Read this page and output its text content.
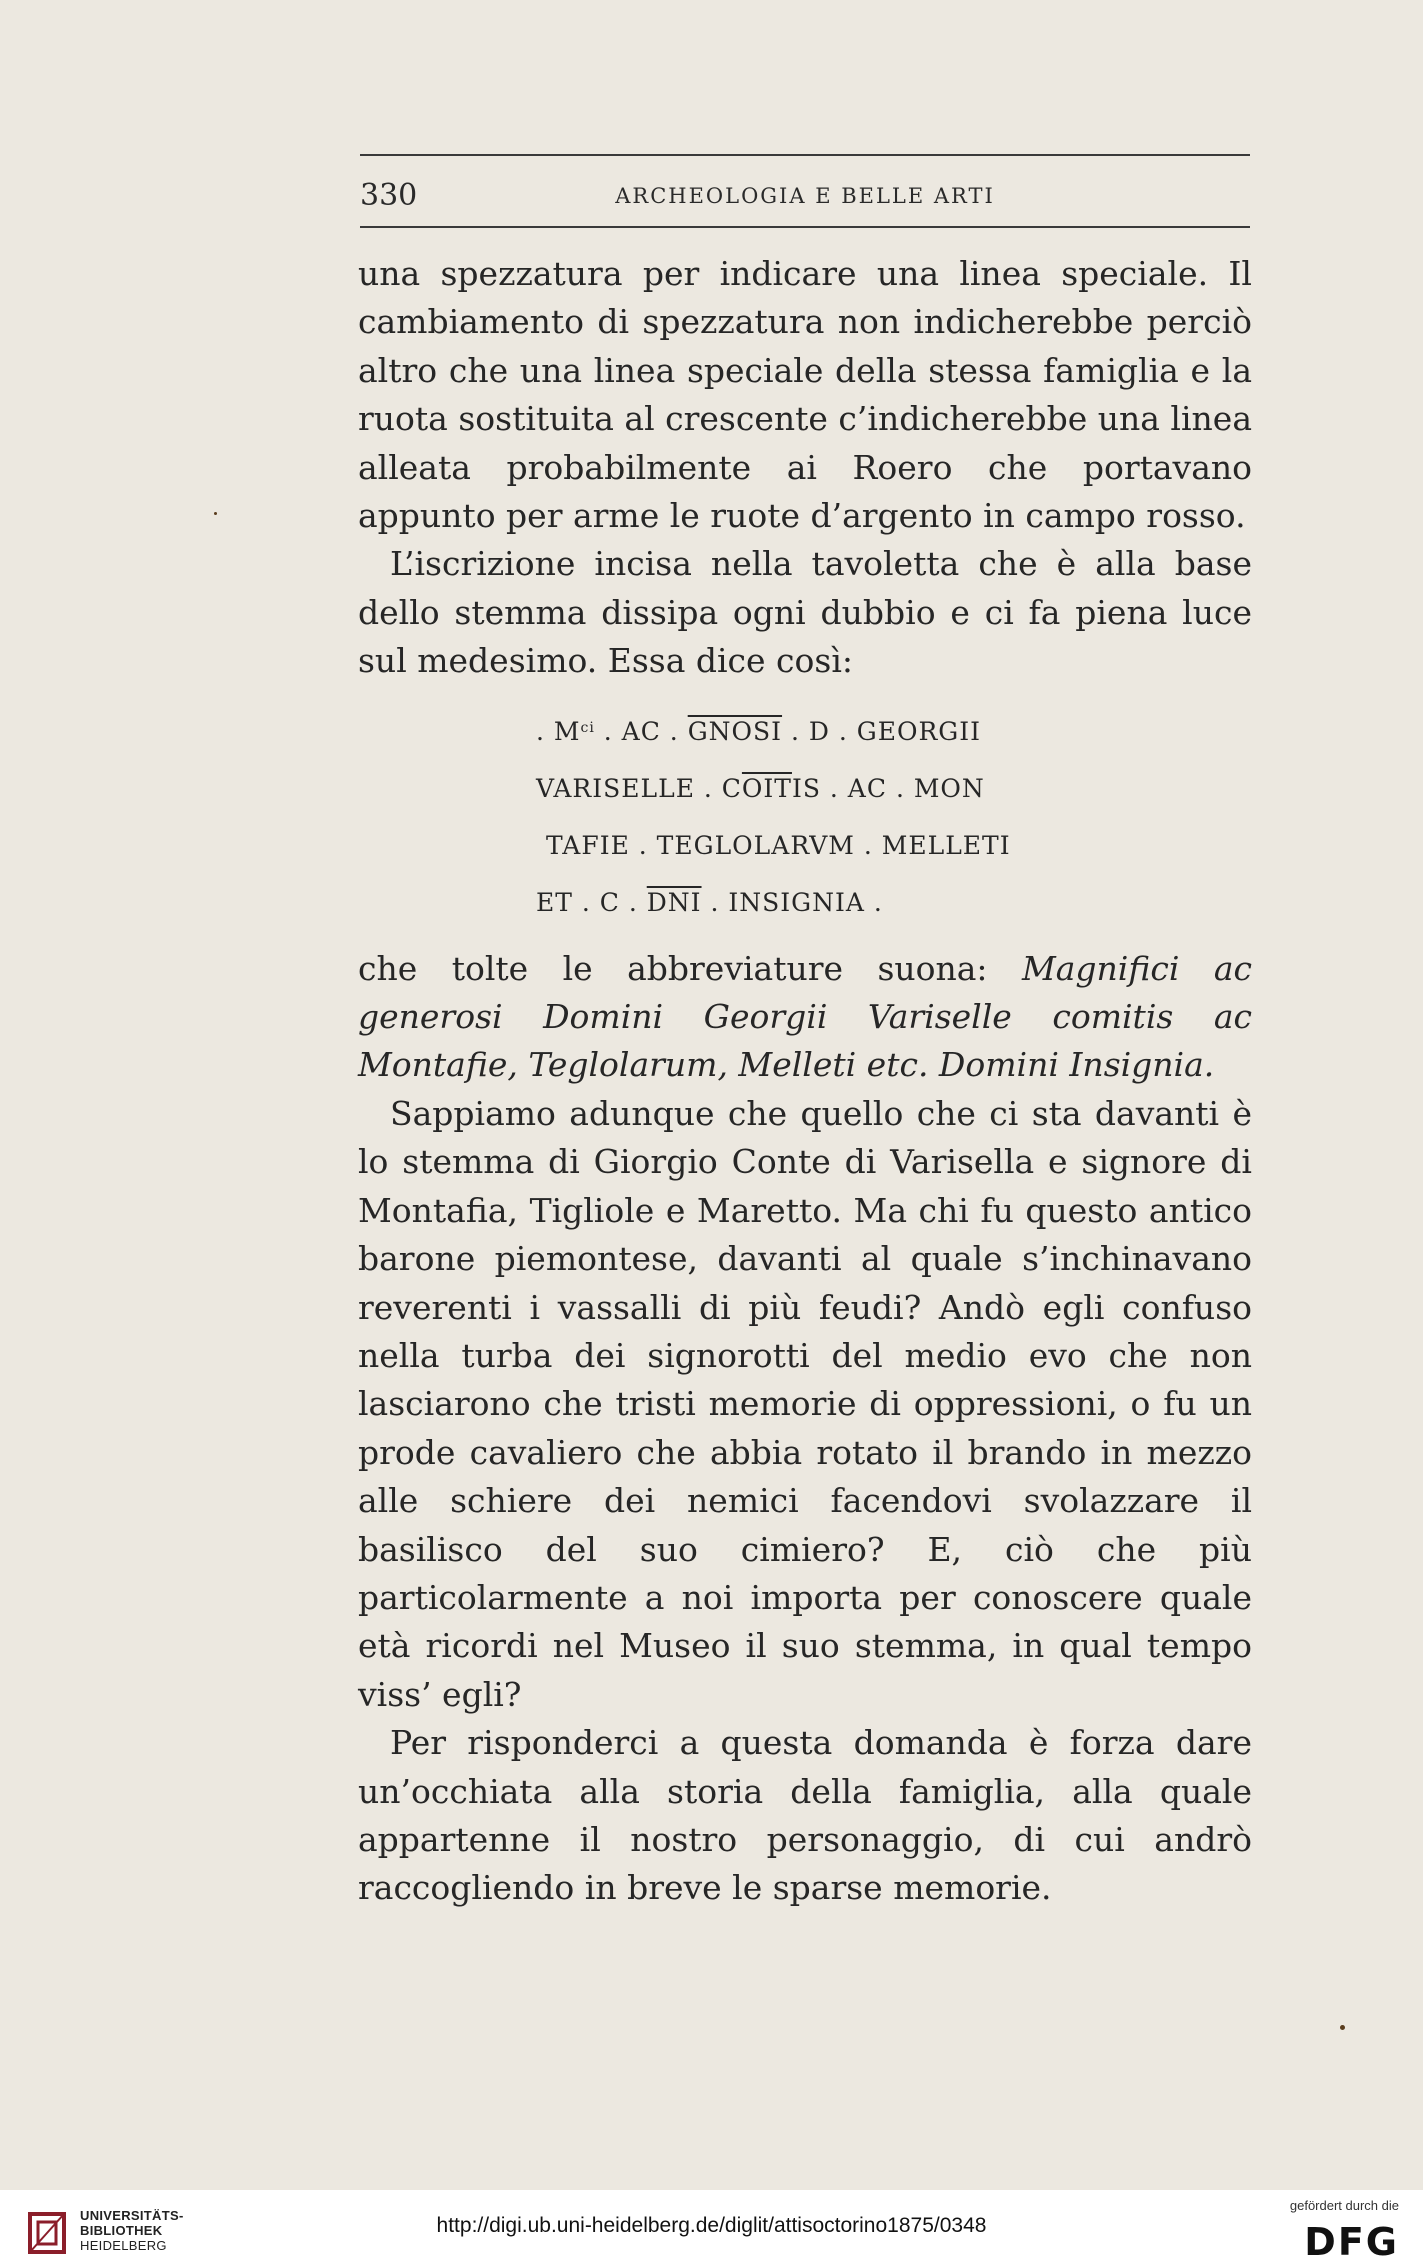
330	ARCHEOLOGIA E BELLE ARTI

una spezzatura per indicare una linea speciale. Il cambiamento di spezzatura non indicherebbe perciò altro che una linea speciale della stessa famiglia e la ruota sostituita al crescente c’indicherebbe una linea alleata probabilmente ai Roero che portavano appunto per arme le ruote d’argento in campo rosso.

L’iscrizione incisa nella tavoletta che è alla base dello stemma dissipa ogni dubbio e ci fa piena luce sul medesimo. Essa dice così:

. $M^{ci}$ . AC . GNOSI . D . GEORGII
VARISELLE . $C\overline{OIT}IS$ . AC . MON
TAFIE . TEGLOLARVM . MELLETI
ET . C . $\overline{DNI}$ . INSIGNIA .

che tolte le abbreviature suona: Magnifici ac generosi Domini Georgii Variselle comitis ac Montafie, Teglolarum, Melleti etc. Domini Insignia.

Sappiamo adunque che quello che ci sta davanti è lo stemma di Giorgio Conte di Varisella e signore di Montafia, Tigliole e Maretto. Ma chi fu questo antico barone piemontese, davanti al quale s’inchinavano reverenti i vassalli di più feudi? Andò egli confuso nella turba dei signorotti del medio evo che non lasciarono che tristi memorie di oppressioni, o fu un prode cavaliero che abbia rotato il brando in mezzo alle schiere dei nemici facendovi svolazzare il basilisco del suo cimiero? E, ciò che più particolarmente a noi importa per conoscere quale età ricordi nel Museo il suo stemma, in qual tempo viss’ egli?

Per risponderci a questa domanda è forza dare un’occhiata alla storia della famiglia, alla quale appartenne il nostro personaggio, di cui andrò raccogliendo in breve le sparse memorie.

UNIVERSITÄTS-
BIBLIOTHEK
HEIDELBERG
http://digi.ub.uni-heidelberg.de/diglit/attisoctorino1875/0348
gefördert durch die
DFG
